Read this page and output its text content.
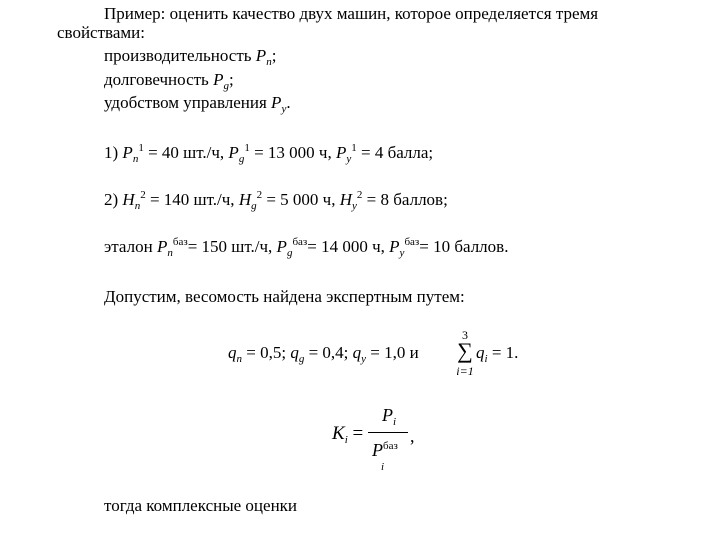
Пример: оценить качество двух машин, которое определяется тремя
свойствами:
производительность $P_n$;
долговечность $P_g$;
удобством управления $P_y$.
1) $P_n^1 = 40$ шт./ч, $P_g^1 = 13$ 000 ч, $P_y^1 = 4$ балла;
2) $H_n^2 = 140$ шт./ч, $H_g^2 = 5$ 000 ч, $H_y^2 = 8$ баллов;
эталон $P_n^{баз}= 150$ шт./ч, $P_g^{баз}= 14$ 000 ч, $P_y^{баз}= 10$ баллов.
Допустим, весомость найдена экспертным путем:
$q_n = 0,5$; $q_g = 0,4$; $q_y = 1,0$ и
3
∑
i=1
$q_i = 1$.
$K_i$ =
$P_i$
$P^{баз}$
i
,
тогда комплексные оценки
